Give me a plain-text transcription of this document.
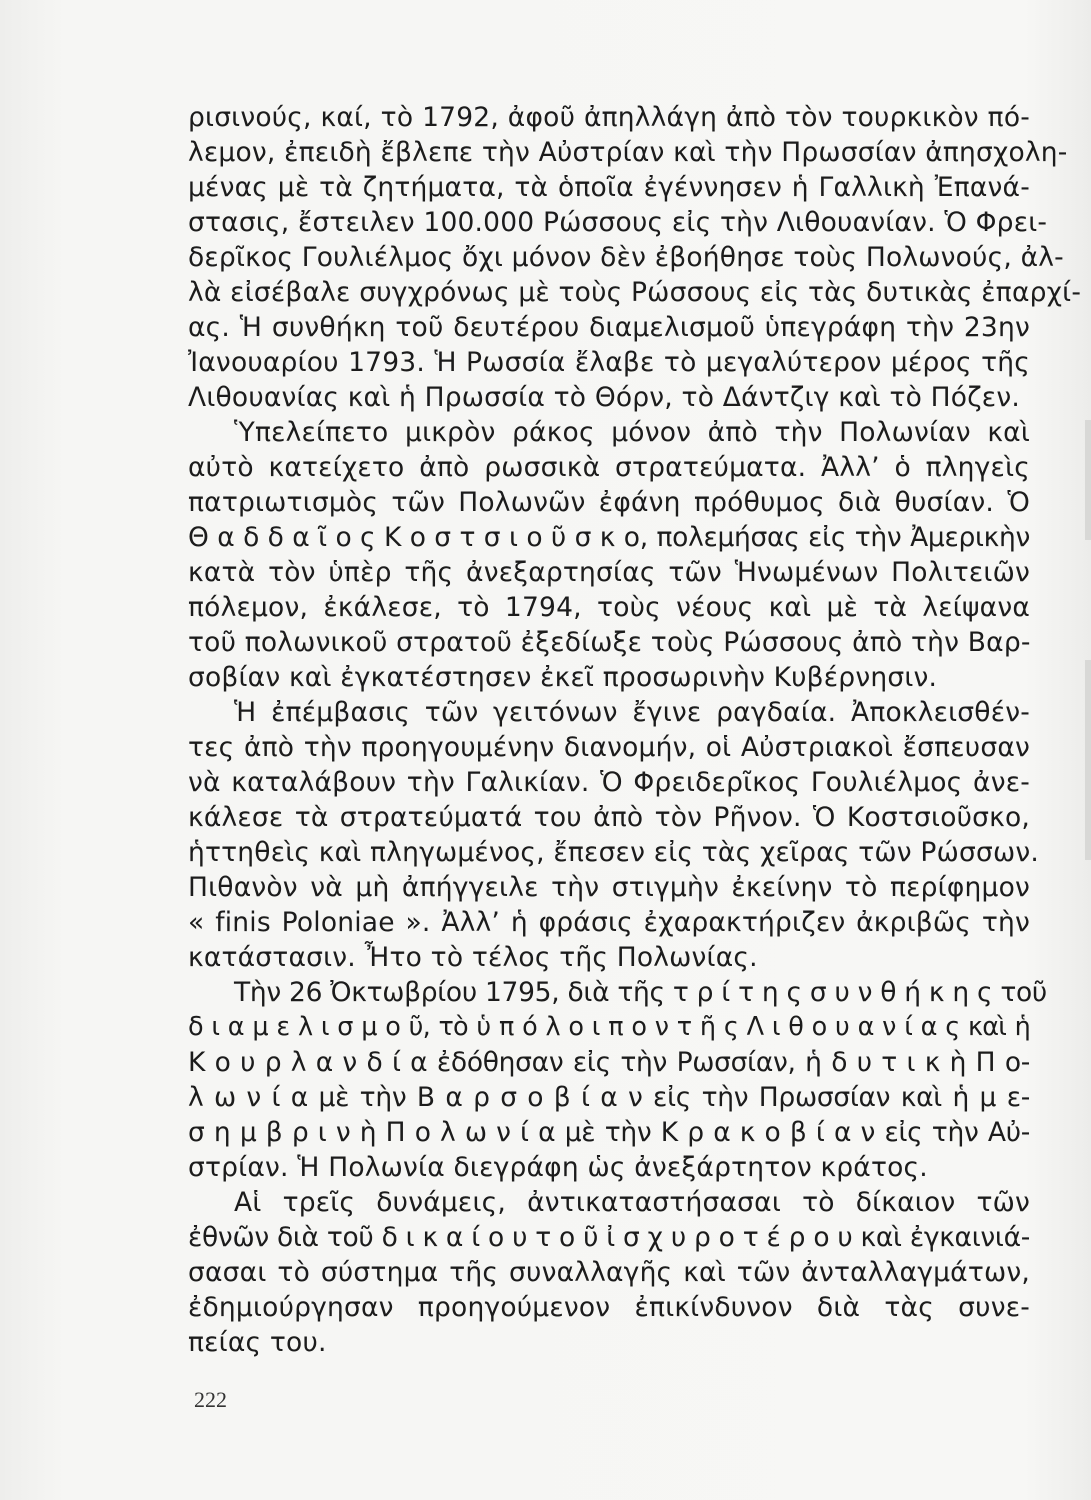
ρισινούς, καί, τὸ 1792, ἀφοῦ ἀπηλλάγη ἀπὸ τὸν τουρκικὸν πό-
λεμον, ἐπειδὴ ἔβλεπε τὴν Αὐστρίαν καὶ τὴν Πρωσσίαν ἀπησχολη-
μένας μὲ τὰ ζητήματα, τὰ ὁποῖα ἐγέννησεν ἡ Γαλλικὴ Ἐπανά-
στασις, ἔστειλεν 100.000 Ρώσσους εἰς τὴν Λιθουανίαν. Ὁ Φρει-
δερῖκος Γουλιέλμος ὄχι μόνον δὲν ἐβοήθησε τοὺς Πολωνούς, ἀλ-
λὰ εἰσέβαλε συγχρόνως μὲ τοὺς Ρώσσους εἰς τὰς δυτικὰς ἐπαρχί-
ας. Ἡ συνθήκη τοῦ δευτέρου διαμελισμοῦ ὑπεγράφη τὴν 23ην
Ἰανουαρίου 1793. Ἡ Ρωσσία ἔλαβε τὸ μεγαλύτερον μέρος τῆς
Λιθουανίας καὶ ἡ Πρωσσία τὸ Θόρν, τὸ Δάντζιγ καὶ τὸ Πόζεν.
Ὑπελείπετο μικρὸν ράκος μόνον ἀπὸ τὴν Πολωνίαν καὶ
αὐτὸ κατείχετο ἀπὸ ρωσσικὰ στρατεύματα. Ἀλλ’ ὁ πληγεὶς
πατριωτισμὸς τῶν Πολωνῶν ἐφάνη πρόθυμος διὰ θυσίαν. Ὁ
Θ α δ δ α ῖ ο ς Κ ο σ τ σ ι ο ῦ σ κ ο, πολεμήσας εἰς τὴν Ἀμερικὴν
κατὰ τὸν ὑπὲρ τῆς ἀνεξαρτησίας τῶν Ἡνωμένων Πολιτειῶν
πόλεμον, ἐκάλεσε, τὸ 1794, τοὺς νέους καὶ μὲ τὰ λείψανα
τοῦ πολωνικοῦ στρατοῦ ἐξεδίωξε τοὺς Ρώσσους ἀπὸ τὴν Βαρ-
σοβίαν καὶ ἐγκατέστησεν ἐκεῖ προσωρινὴν Κυβέρνησιν.
Ἡ ἐπέμβασις τῶν γειτόνων ἔγινε ραγδαία. Ἀποκλεισθέν-
τες ἀπὸ τὴν προηγουμένην διανομήν, οἱ Αὐστριακοὶ ἔσπευσαν
νὰ καταλάβουν τὴν Γαλικίαν. Ὁ Φρειδερῖκος Γουλιέλμος ἀνε-
κάλεσε τὰ στρατεύματά του ἀπὸ τὸν Ρῆνον. Ὁ Κοστσιοῦσκο,
ἡττηθεὶς καὶ πληγωμένος, ἔπεσεν εἰς τὰς χεῖρας τῶν Ρώσσων.
Πιθανὸν νὰ μὴ ἀπήγγειλε τὴν στιγμὴν ἐκείνην τὸ περίφημον
« finis Poloniae ». Ἀλλ’ ἡ φράσις ἐχαρακτήριζεν ἀκριβῶς τὴν
κατάστασιν. Ἦτο τὸ τέλος τῆς Πολωνίας.
Τὴν 26 Ὀκτωβρίου 1795, διὰ τῆς τ ρ ί τ η ς σ υ ν θ ή κ η ς τοῦ
δ ι α μ ε λ ι σ μ ο ῦ, τὸ ὑ π ό λ ο ι π ο ν τ ῆ ς Λ ι θ ο υ α ν ί α ς καὶ ἡ
Κ ο υ ρ λ α ν δ ί α ἐδόθησαν εἰς τὴν Ρωσσίαν, ἡ δ υ τ ι κ ὴ Π ο-
λ ω ν ί α μὲ τὴν Β α ρ σ ο β ί α ν εἰς τὴν Πρωσσίαν καὶ ἡ μ ε-
σ η μ β ρ ι ν ὴ Π ο λ ω ν ί α μὲ τὴν Κ ρ α κ ο β ί α ν εἰς τὴν Αὐ-
στρίαν. Ἡ Πολωνία διεγράφη ὡς ἀνεξάρτητον κράτος.
Αἱ τρεῖς δυνάμεις, ἀντικαταστήσασαι τὸ δίκαιον τῶν
ἐθνῶν διὰ τοῦ δ ι κ α ί ο υ τ ο ῦ ἰ σ χ υ ρ ο τ έ ρ ο υ καὶ ἐγκαινιά-
σασαι τὸ σύστημα τῆς συναλλαγῆς καὶ τῶν ἀνταλλαγμάτων,
ἐδημιούργησαν προηγούμενον ἐπικίνδυνον διὰ τὰς συνε-
πείας του.
222
